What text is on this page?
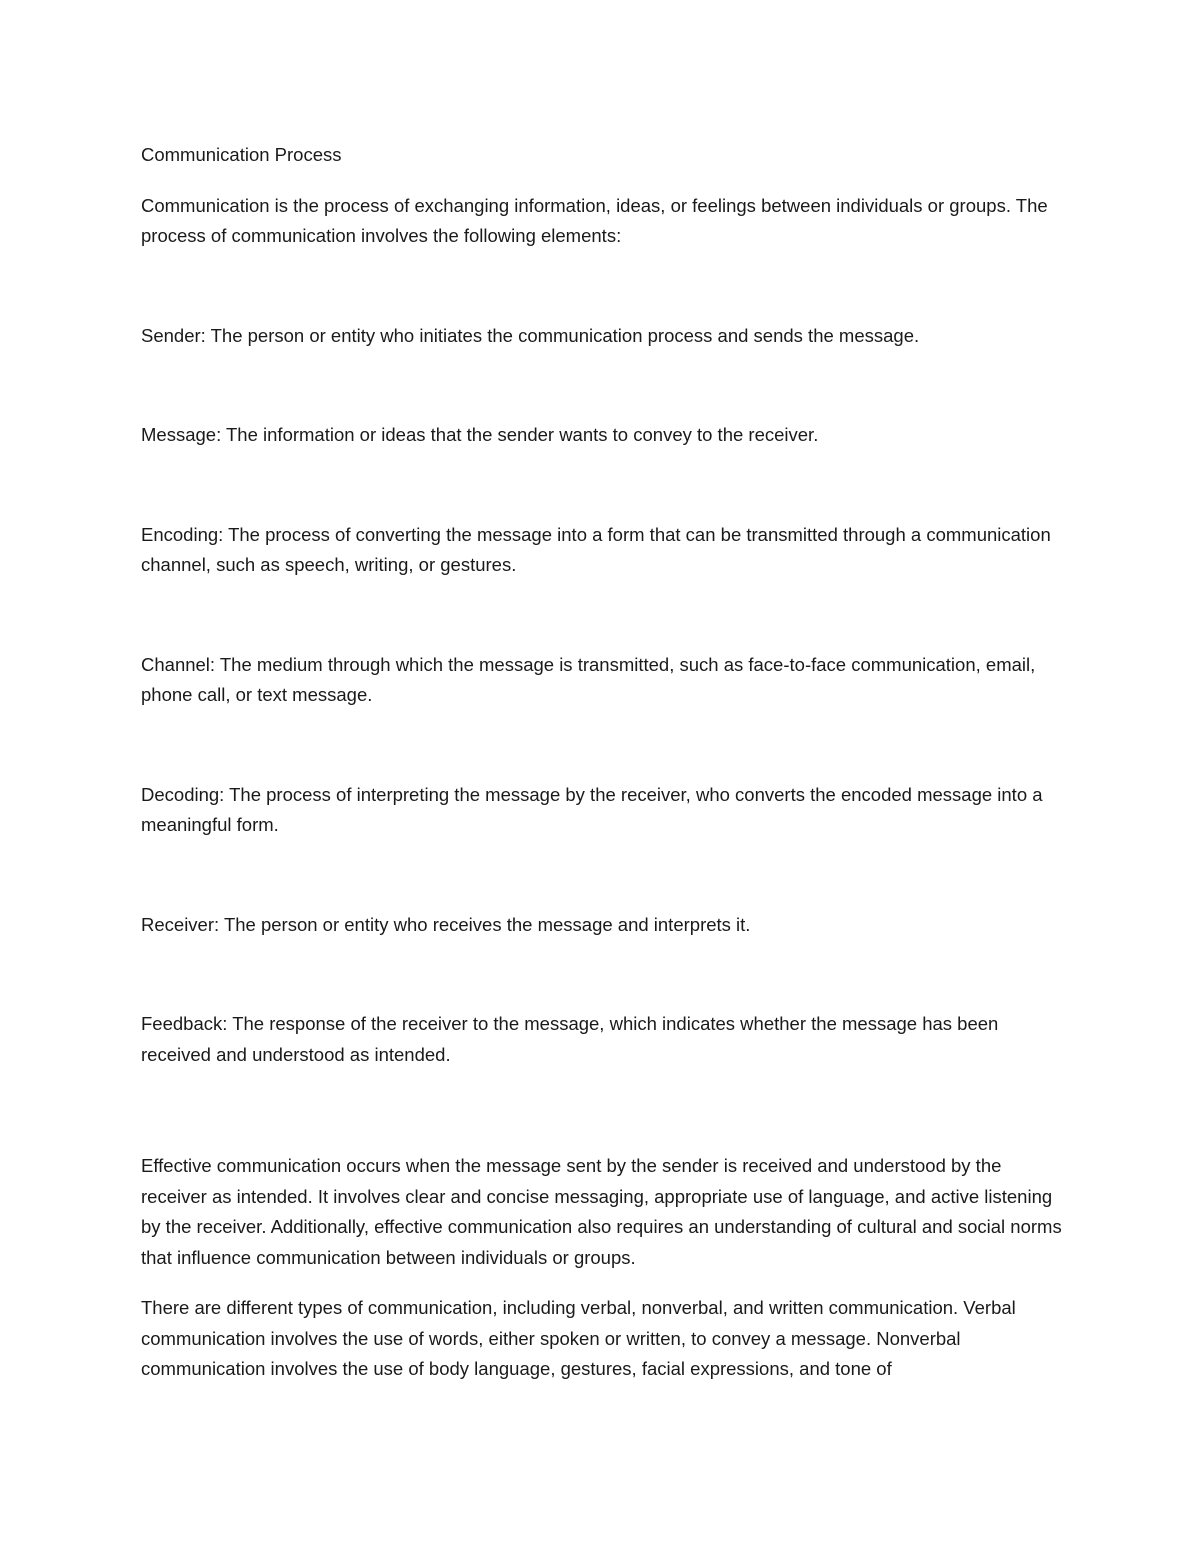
Communication Process

Communication is the process of exchanging information, ideas, or feelings between individuals or groups. The process of communication involves the following elements:

Sender: The person or entity who initiates the communication process and sends the message.

Message: The information or ideas that the sender wants to convey to the receiver.

Encoding: The process of converting the message into a form that can be transmitted through a communication channel, such as speech, writing, or gestures.

Channel: The medium through which the message is transmitted, such as face-to-face communication, email, phone call, or text message.

Decoding: The process of interpreting the message by the receiver, who converts the encoded message into a meaningful form.

Receiver: The person or entity who receives the message and interprets it.

Feedback: The response of the receiver to the message, which indicates whether the message has been received and understood as intended.

Effective communication occurs when the message sent by the sender is received and understood by the receiver as intended. It involves clear and concise messaging, appropriate use of language, and active listening by the receiver. Additionally, effective communication also requires an understanding of cultural and social norms that influence communication between individuals or groups.

There are different types of communication, including verbal, nonverbal, and written communication. Verbal communication involves the use of words, either spoken or written, to convey a message. Nonverbal communication involves the use of body language, gestures, facial expressions, and tone of
